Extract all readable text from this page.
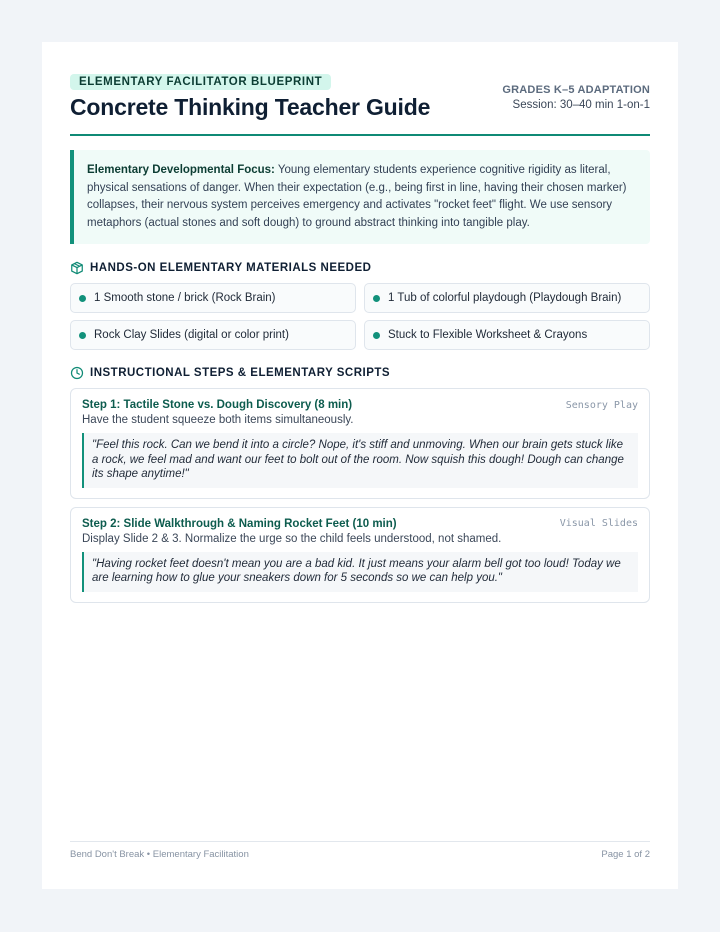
ELEMENTARY FACILITATOR BLUEPRINT
Concrete Thinking Teacher Guide
GRADES K–5 ADAPTATION
Session: 30–40 min 1-on-1
Elementary Developmental Focus: Young elementary students experience cognitive rigidity as literal, physical sensations of danger. When their expectation (e.g., being first in line, having their chosen marker) collapses, their nervous system perceives emergency and activates "rocket feet" flight. We use sensory metaphors (actual stones and soft dough) to ground abstract thinking into tangible play.
HANDS-ON ELEMENTARY MATERIALS NEEDED
1 Smooth stone / brick (Rock Brain)	1 Tub of colorful playdough (Playdough Brain)
Rock Clay Slides (digital or color print)	Stuck to Flexible Worksheet & Crayons
INSTRUCTIONAL STEPS & ELEMENTARY SCRIPTS
Step 1: Tactile Stone vs. Dough Discovery (8 min)	Sensory Play
Have the student squeeze both items simultaneously.
"Feel this rock. Can we bend it into a circle? Nope, it's stiff and unmoving. When our brain gets stuck like a rock, we feel mad and want our feet to bolt out of the room. Now squish this dough! Dough can change its shape anytime!"
Step 2: Slide Walkthrough & Naming Rocket Feet (10 min)	Visual Slides
Display Slide 2 & 3. Normalize the urge so the child feels understood, not shamed.
"Having rocket feet doesn't mean you are a bad kid. It just means your alarm bell got too loud! Today we are learning how to glue your sneakers down for 5 seconds so we can help you."
Bend Don't Break • Elementary Facilitation	Page 1 of 2
